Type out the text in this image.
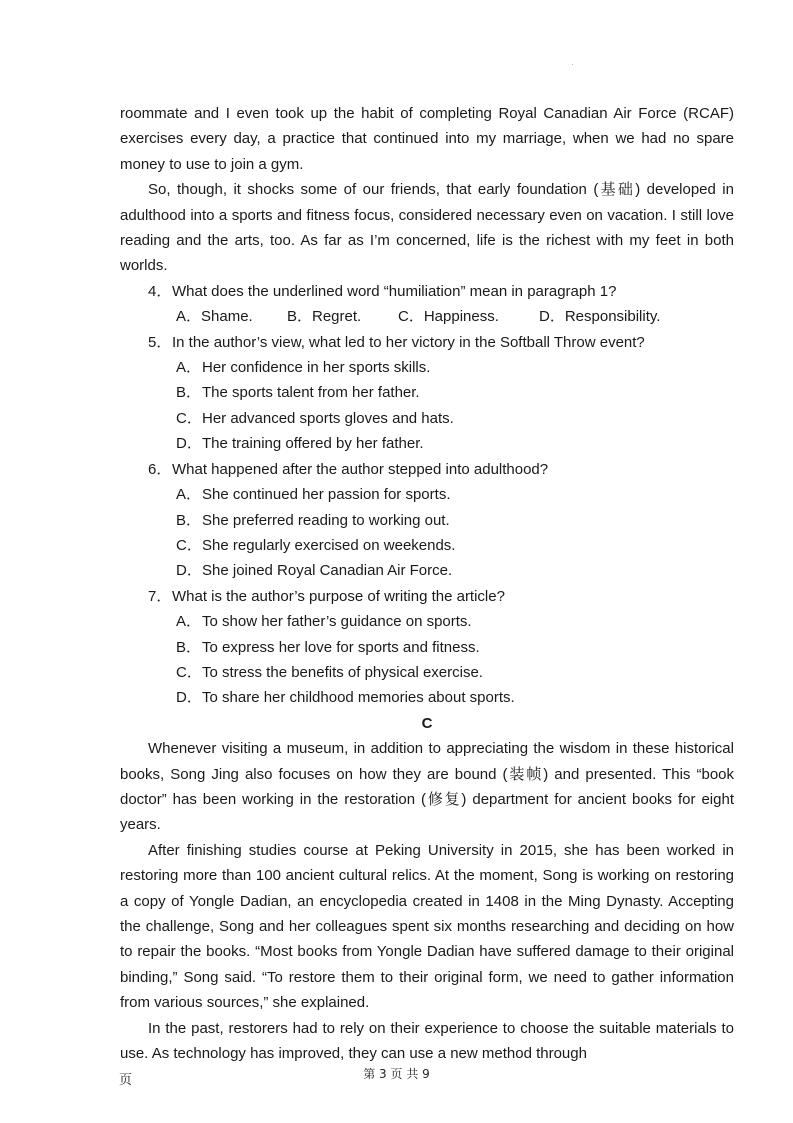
roommate and I even took up the habit of completing Royal Canadian Air Force (RCAF) exercises every day, a practice that continued into my marriage, when we had no spare money to use to join a gym.

So, though, it shocks some of our friends, that early foundation (基础) developed in adulthood into a sports and fitness focus, considered necessary even on vacation. I still love reading and the arts, too. As far as I’m concerned, life is the richest with my feet in both worlds.

4． What does the underlined word “humiliation” mean in paragraph 1?

A．Shame.	B．Regret.	C．Happiness.	D．Responsibility.

5． In the author’s view, what led to her victory in the Softball Throw event?

A． Her confidence in her sports skills.

B． The sports talent from her father.

C． Her advanced sports gloves and hats.

D． The training offered by her father.

6． What happened after the author stepped into adulthood?

A． She continued her passion for sports.

B． She preferred reading to working out.

C． She regularly exercised on weekends.

D． She joined Royal Canadian Air Force.

7． What is the author’s purpose of writing the article?

A． To show her father’s guidance on sports.

B． To express her love for sports and fitness.

C． To stress the benefits of physical exercise.

D． To share her childhood memories about sports.

C

Whenever visiting a museum, in addition to appreciating the wisdom in these historical books, Song Jing also focuses on how they are bound (装帧) and presented. This “book doctor” has been working in the restoration (修复) department for ancient books for eight years.

After finishing studies course at Peking University in 2015, she has been worked in restoring more than 100 ancient cultural relics. At the moment, Song is working on restoring a copy of Yongle Dadian, an encyclopedia created in 1408 in the Ming Dynasty. Accepting the challenge, Song and her colleagues spent six months researching and deciding on how to repair the books. “Most books from Yongle Dadian have suffered damage to their original binding,” Song said. “To restore them to their original form, we need to gather information from various sources,” she explained.

In the past, restorers had to rely on their experience to choose the suitable materials to use. As technology has improved, they can use a new method through

页	第 3 页 共 9
